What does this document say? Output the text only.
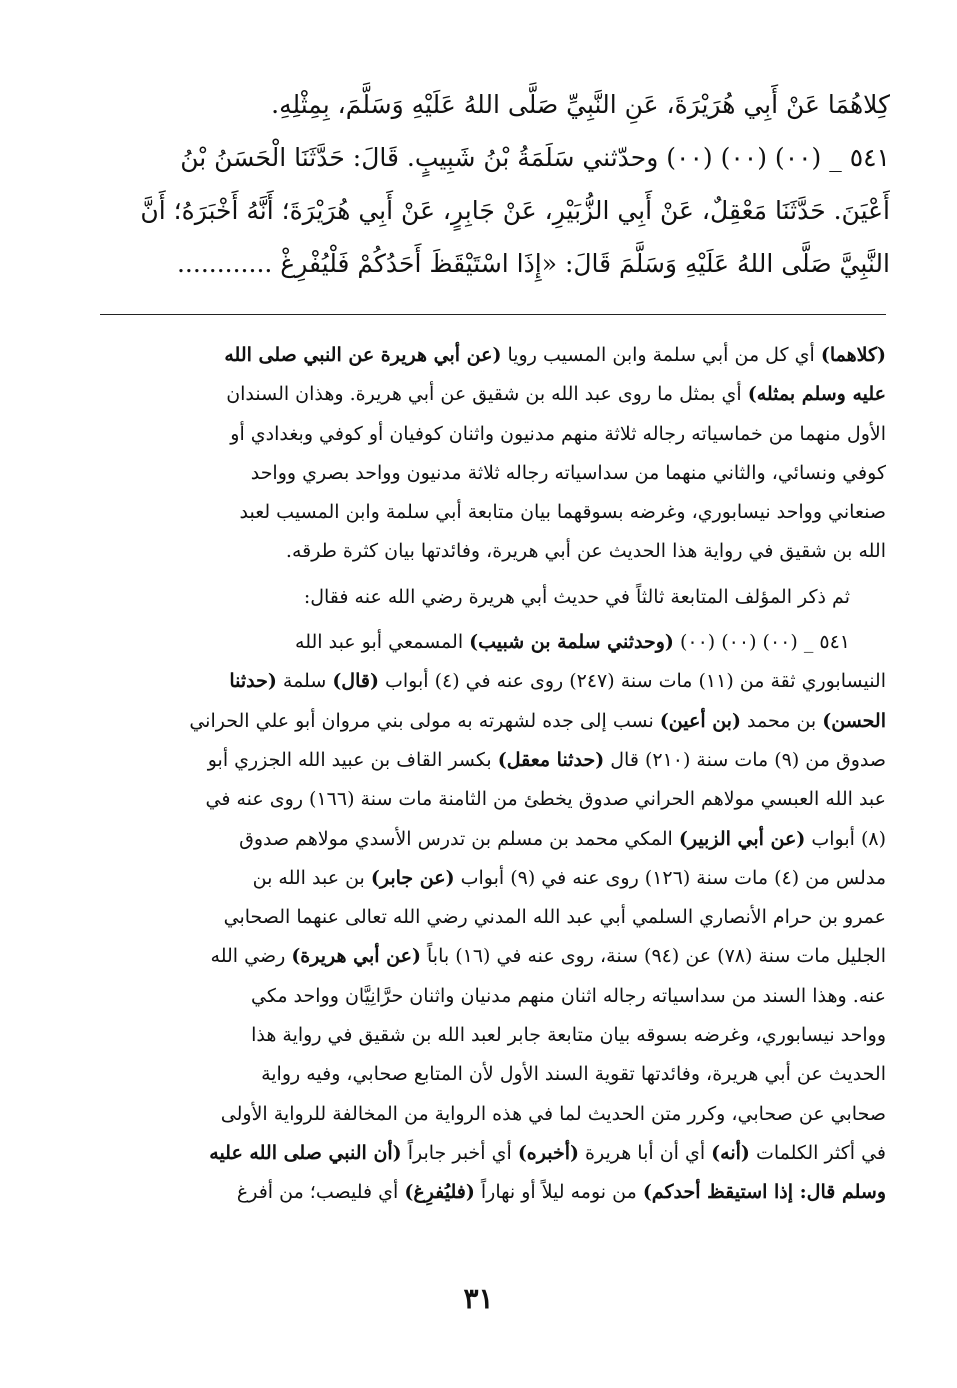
كِلاهُمَا عَنْ أَبِي هُرَيْرَةَ، عَنِ النَّبِيِّ صَلَّى اللهُ عَلَيْهِ وَسَلَّمَ، بِمِثْلِهِ.
٥٤١ _ (٠٠) (٠٠) (٠٠) وحدّثني سَلَمَةُ بْنُ شَبِيبٍ. قَالَ: حَدَّثَنَا الْحَسَنُ بْنُ
أَعْيَنَ. حَدَّثَنَا مَعْقِلٌ، عَنْ أَبِي الزُّبَيْرِ، عَنْ جَابِرٍ، عَنْ أَبِي هُرَيْرَةَ؛ أَنَّهُ أَخْبَرَهُ؛ أَنَّ
النَّبِيَّ صَلَّى اللهُ عَلَيْهِ وَسَلَّمَ قَالَ: «إِذَا اسْتَيْقَظَ أَحَدُكُمْ فَلْيُفْرِغْ ............
(كلاهما) أي كل من أبي سلمة وابن المسيب رويا (عن أبي هريرة عن النبي صلى الله
عليه وسلم بمثله) أي بمثل ما روى عبد الله بن شقيق عن أبي هريرة. وهذان السندان
الأول منهما من خماسياته رجاله ثلاثة منهم مدنيون واثنان كوفيان أو كوفي وبغدادي أو
كوفي ونسائي، والثاني منهما من سداسياته رجاله ثلاثة مدنيون وواحد بصري وواحد
صنعاني وواحد نيسابوري، وغرضه بسوقهما بيان متابعة أبي سلمة وابن المسيب لعبد
الله بن شقيق في رواية هذا الحديث عن أبي هريرة، وفائدتها بيان كثرة طرقه.
ثم ذكر المؤلف المتابعة ثالثاً في حديث أبي هريرة رضي الله عنه فقال:
٥٤١ _ (٠٠) (٠٠) (٠٠) (وحدثني سلمة بن شبيب) المسمعي أبو عبد الله
النيسابوري ثقة من (١١) مات سنة (٢٤٧) روى عنه في (٤) أبواب (قال) سلمة (حدثنا
الحسن) بن محمد (بن أعين) نسب إلى جده لشهرته به مولى بني مروان أبو علي الحراني
صدوق من (٩) مات سنة (٢١٠) قال (حدثنا معقل) بكسر القاف بن عبيد الله الجزري أبو
عبد الله العبسي مولاهم الحراني صدوق يخطئ من الثامنة مات سنة (١٦٦) روى عنه في
(٨) أبواب (عن أبي الزبير) المكي محمد بن مسلم بن تدرس الأسدي مولاهم صدوق
مدلس من (٤) مات سنة (١٢٦) روى عنه في (٩) أبواب (عن جابر) بن عبد الله بن
عمرو بن حرام الأنصاري السلمي أبي عبد الله المدني رضي الله تعالى عنهما الصحابي
الجليل مات سنة (٧٨) عن (٩٤) سنة، روى عنه في (١٦) باباً (عن أبي هريرة) رضي الله
عنه. وهذا السند من سداسياته رجاله اثنان منهم مدنيان واثنان حرَّانِيَّان وواحد مكي
وواحد نيسابوري، وغرضه بسوقه بيان متابعة جابر لعبد الله بن شقيق في رواية هذا
الحديث عن أبي هريرة، وفائدتها تقوية السند الأول لأن المتابع صحابي، وفيه رواية
صحابي عن صحابي، وكرر متن الحديث لما في هذه الرواية من المخالفة للرواية الأولى
في أكثر الكلمات (أنه) أي أن أبا هريرة (أخبره) أي أخبر جابراً (أن النبي صلى الله عليه
وسلم قال: إذا استيقظ أحدكم) من نومه ليلاً أو نهاراً (فليُفرِغ) أي فليصب؛ من أفرغ
٣١
